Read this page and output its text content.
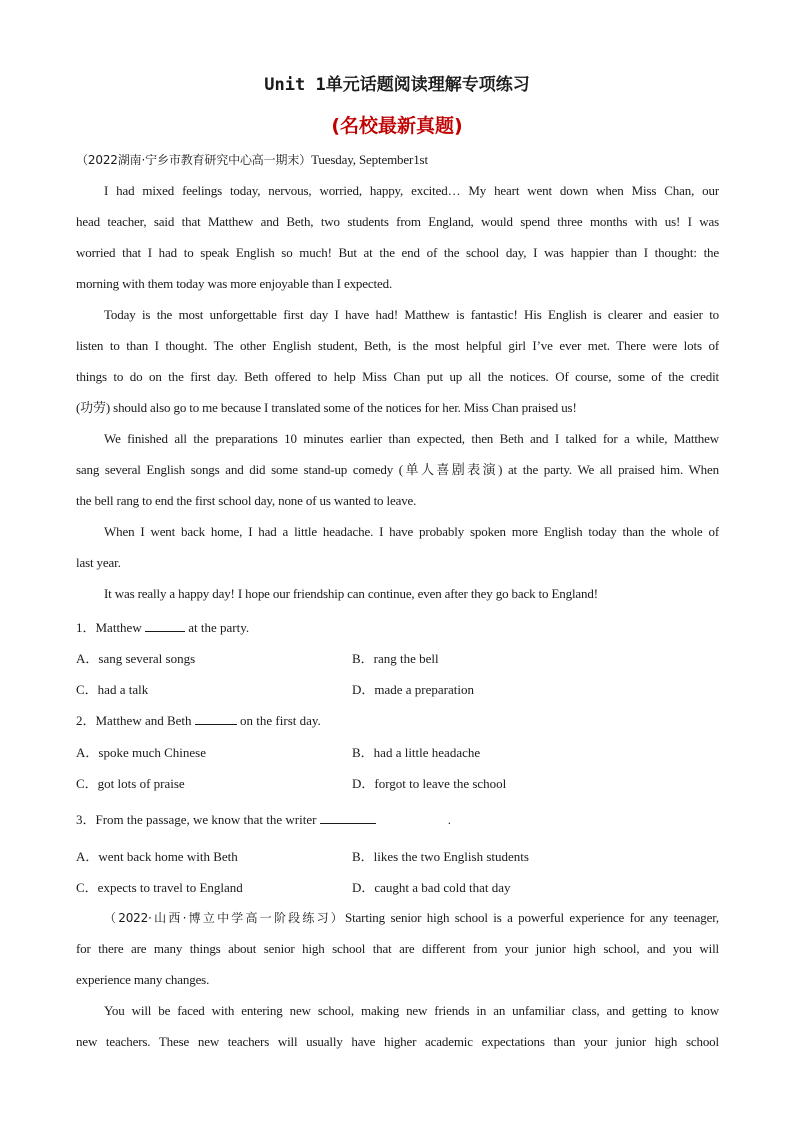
Unit 1单元话题阅读理解专项练习
(名校最新真题)
（2022湖南·宁乡市教育研究中心高一期末）Tuesday, September1st
I had mixed feelings today, nervous, worried, happy, excited… My heart went down when Miss Chan, our
head teacher, said that Matthew and Beth, two students from England, would spend three months with us! I was
worried that I had to speak English so much! But at the end of the school day, I was happier than I thought: the
morning with them today was more enjoyable than I expected.
Today is the most unforgettable first day I have had! Matthew is fantastic! His English is clearer and easier to
listen to than I thought. The other English student, Beth, is the most helpful girl I’ve ever met. There were lots of
things to do on the first day. Beth offered to help Miss Chan put up all the notices. Of course, some of the credit
(功劳) should also go to me because I translated some of the notices for her. Miss Chan praised us!
We finished all the preparations 10 minutes earlier than expected, then Beth and I talked for a while, Matthew
sang several English songs and did some stand-up comedy (单人喜剧表演) at the party. We all praised him. When
the bell rang to end the first school day, none of us wanted to leave.
When I went back home, I had a little headache. I have probably spoken more English today than the whole of
last year.
It was really a happy day! I hope our friendship can continue, even after they go back to England!
1．Matthew	at the party.
A．sang several songs	B．rang the bell
C．had a talk	D．made a preparation
2．Matthew and Beth	on the first day.
A．spoke much Chinese	B．had a little headache
C．got lots of praise	D．forgot to leave the school
3．From the passage, we know that the writer	.
A．went back home with Beth	B．likes the two English students
C．expects to travel to England	D．caught a bad cold that day
（2022·山西·博立中学高一阶段练习）Starting senior high school is a powerful experience for any teenager,
for there are many things about senior high school that are different from your junior high school, and you will
experience many changes.
You will be faced with entering new school, making new friends in an unfamiliar class, and getting to know
new teachers. These new teachers will usually have higher academic expectations than your junior high school
